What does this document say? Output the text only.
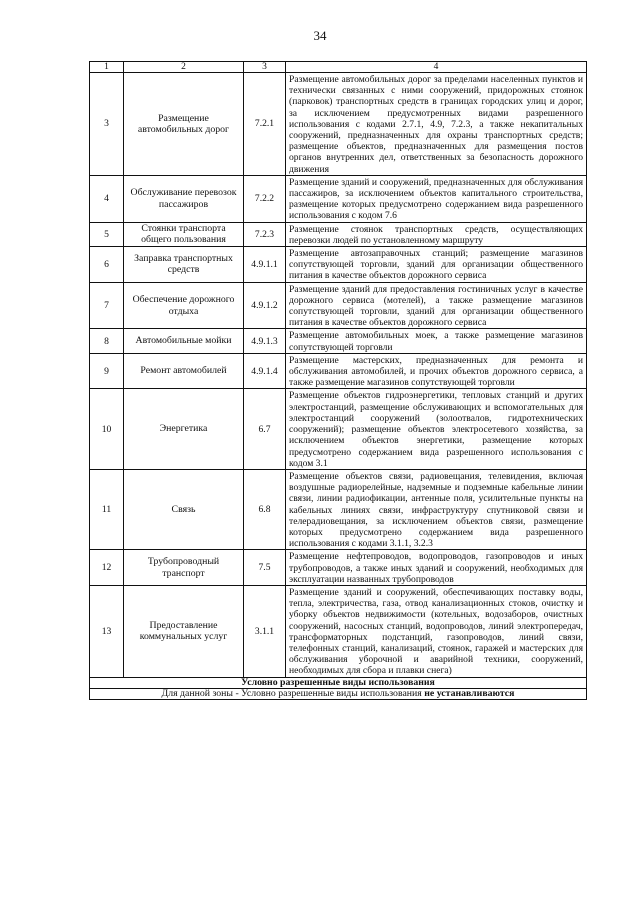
34
1	2	3	4
3	Размещение автомобильных дорог	7.2.1	Размещение автомобильных дорог за пределами населенных пунктов и технически связанных с ними сооружений, придорожных стоянок (парковок) транспортных средств в границах городских улиц и дорог, за исключением предусмотренных видами разрешенного использования с кодами 2.7.1, 4.9, 7.2.3, а также некапитальных сооружений, предназначенных для охраны транспортных средств; размещение объектов, предназначенных для размещения постов органов внутренних дел, ответственных за безопасность дорожного движения
4	Обслуживание перевозок пассажиров	7.2.2	Размещение зданий и сооружений, предназначенных для обслуживания пассажиров, за исключением объектов капитального строительства, размещение которых предусмотрено содержанием вида разрешенного использования с кодом 7.6
5	Стоянки транспорта общего пользования	7.2.3	Размещение стоянок транспортных средств, осуществляющих перевозки людей по установленному маршруту
6	Заправка транспортных средств	4.9.1.1	Размещение автозаправочных станций; размещение магазинов сопутствующей торговли, зданий для организации общественного питания в качестве объектов дорожного сервиса
7	Обеспечение дорожного отдыха	4.9.1.2	Размещение зданий для предоставления гостиничных услуг в качестве дорожного сервиса (мотелей), а также размещение магазинов сопутствующей торговли, зданий для организации общественного питания в качестве объектов дорожного сервиса
8	Автомобильные мойки	4.9.1.3	Размещение автомобильных моек, а также размещение магазинов сопутствующей торговли
9	Ремонт автомобилей	4.9.1.4	Размещение мастерских, предназначенных для ремонта и обслуживания автомобилей, и прочих объектов дорожного сервиса, а также размещение магазинов сопутствующей торговли
10	Энергетика	6.7	Размещение объектов гидроэнергетики, тепловых станций и других электростанций, размещение обслуживающих и вспомогательных для электростанций сооружений (золоотвалов, гидротехнических сооружений); размещение объектов электросетевого хозяйства, за исключением объектов энергетики, размещение которых предусмотрено содержанием вида разрешенного использования с кодом 3.1
11	Связь	6.8	Размещение объектов связи, радиовещания, телевидения, включая воздушные радиорелейные, надземные и подземные кабельные линии связи, линии радиофикации, антенные поля, усилительные пункты на кабельных линиях связи, инфраструктуру спутниковой связи и телерадиовещания, за исключением объектов связи, размещение которых предусмотрено содержанием вида разрешенного использования с кодами 3.1.1, 3.2.3
12	Трубопроводный транспорт	7.5	Размещение нефтепроводов, водопроводов, газопроводов и иных трубопроводов, а также иных зданий и сооружений, необходимых для эксплуатации названных трубопроводов
13	Предоставление коммунальных услуг	3.1.1	Размещение зданий и сооружений, обеспечивающих поставку воды, тепла, электричества, газа, отвод канализационных стоков, очистку и уборку объектов недвижимости (котельных, водозаборов, очистных сооружений, насосных станций, водопроводов, линий электропередач, трансформаторных подстанций, газопроводов, линий связи, телефонных станций, канализаций, стоянок, гаражей и мастерских для обслуживания уборочной и аварийной техники, сооружений, необходимых для сбора и плавки снега)
Условно разрешенные виды использования			
Для данной зоны - Условно разрешенные виды использования не устанавливаются			
